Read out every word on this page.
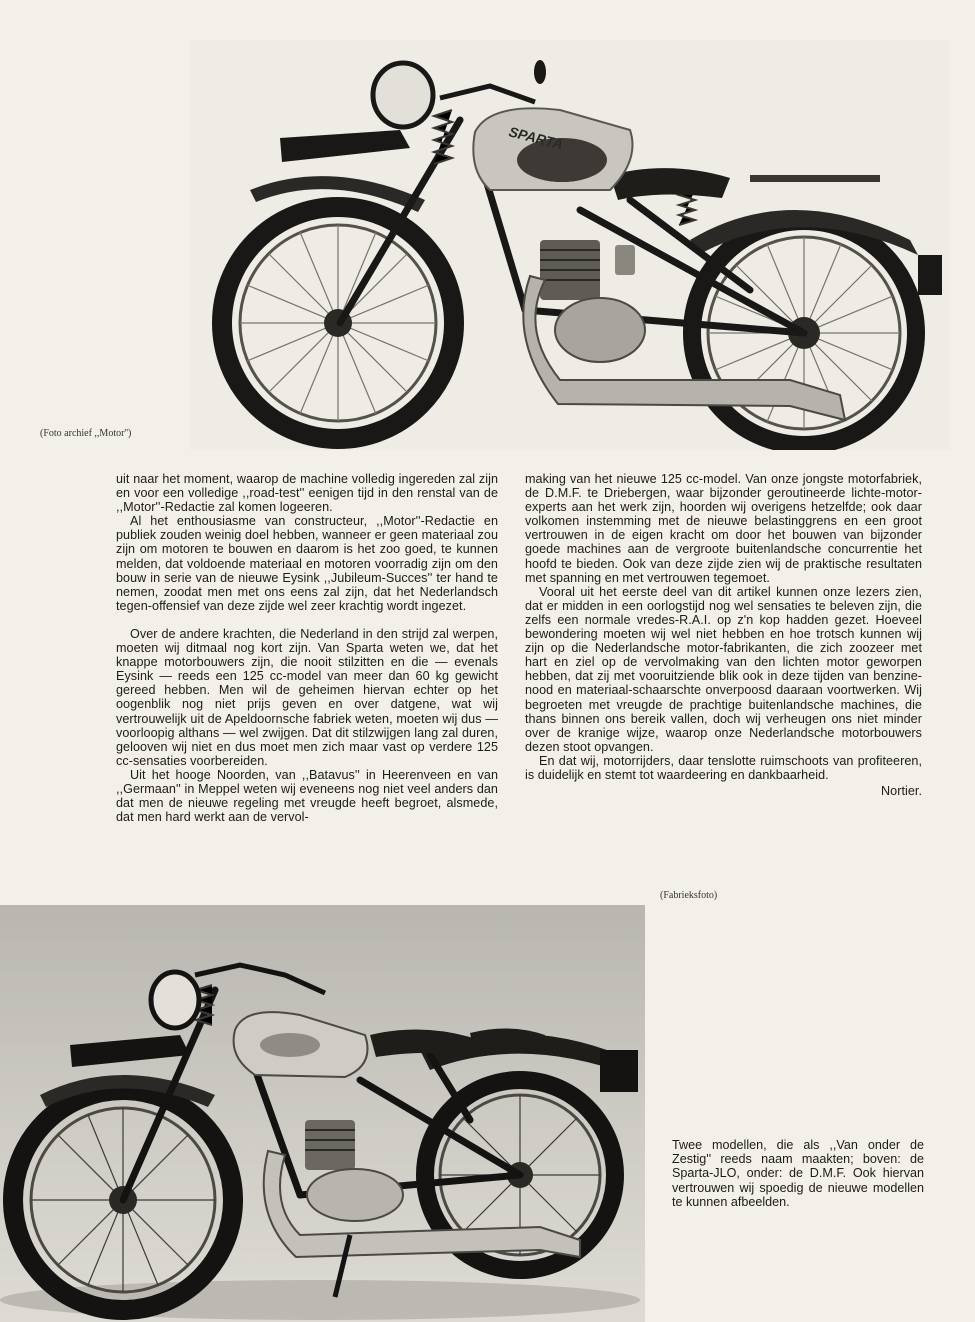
SPARTA
(Foto archief ,,Motor'')

uit naar het moment, waarop de machine volledig ingereden zal zijn en voor een volledige ,,road-test'' eenigen tijd in den renstal van de ,,Motor''-Redactie zal komen logeeren.

Al het enthousiasme van constructeur, ,,Motor''-Redactie en publiek zouden weinig doel hebben, wanneer er geen materiaal zou zijn om motoren te bouwen en daarom is het zoo goed, te kunnen melden, dat voldoende materiaal en motoren voorradig zijn om den bouw in serie van de nieuwe Eysink ,,Jubileum-Succes'' ter hand te nemen, zoodat men met ons eens zal zijn, dat het Nederlandsch tegen-offensief van deze zijde wel zeer krachtig wordt ingezet.

Over de andere krachten, die Nederland in den strijd zal werpen, moeten wij ditmaal nog kort zijn. Van Sparta weten we, dat het knappe motorbouwers zijn, die nooit stilzitten en die — evenals Eysink — reeds een 125 cc-model van meer dan 60 kg gewicht gereed hebben. Men wil de geheimen hiervan echter op het oogenblik nog niet prijs geven en over datgene, wat wij vertrouwelijk uit de Apeldoornsche fabriek weten, moeten wij dus — voorloopig althans — wel zwijgen. Dat dit stilzwijgen lang zal duren, gelooven wij niet en dus moet men zich maar vast op verdere 125 cc-sensaties voorbereiden.

Uit het hooge Noorden, van ,,Batavus'' in Heerenveen en van ,,Germaan'' in Meppel weten wij eveneens nog niet veel anders dan dat men de nieuwe regeling met vreugde heeft begroet, alsmede, dat men hard werkt aan de vervol-

making van het nieuwe 125 cc-model. Van onze jongste motorfabriek, de D.M.F. te Driebergen, waar bijzonder geroutineerde lichte-motor-experts aan het werk zijn, hoorden wij overigens hetzelfde; ook daar volkomen instemming met de nieuwe belastinggrens en een groot vertrouwen in de eigen kracht om door het bouwen van bijzonder goede machines aan de vergroote buitenlandsche concurrentie het hoofd te bieden. Ook van deze zijde zien wij de praktische resultaten met spanning en met vertrouwen tegemoet.

Vooral uit het eerste deel van dit artikel kunnen onze lezers zien, dat er midden in een oorlogstijd nog wel sensaties te beleven zijn, die zelfs een normale vredes-R.A.I. op z'n kop hadden gezet. Hoeveel bewondering moeten wij wel niet hebben en hoe trotsch kunnen wij zijn op die Nederlandsche motor-fabrikanten, die zich zoozeer met hart en ziel op de vervolmaking van den lichten motor geworpen hebben, dat zij met vooruitziende blik ook in deze tijden van benzine-nood en materiaal-schaarschte onverpoosd daaraan voortwerken. Wij begroeten met vreugde de prachtige buitenlandsche machines, die thans binnen ons bereik vallen, doch wij verheugen ons niet minder over de kranige wijze, waarop onze Nederlandsche motorbouwers dezen stoot opvangen.

En dat wij, motorrijders, daar tenslotte ruimschoots van profiteeren, is duidelijk en stemt tot waardeering en dankbaarheid.

Nortier.

(Fabrieksfoto)
Twee modellen, die als ,,Van onder de Zestig'' reeds naam maakten; boven: de Sparta-JLO, onder: de D.M.F. Ook hiervan vertrouwen wij spoedig de nieuwe modellen te kunnen afbeelden.
